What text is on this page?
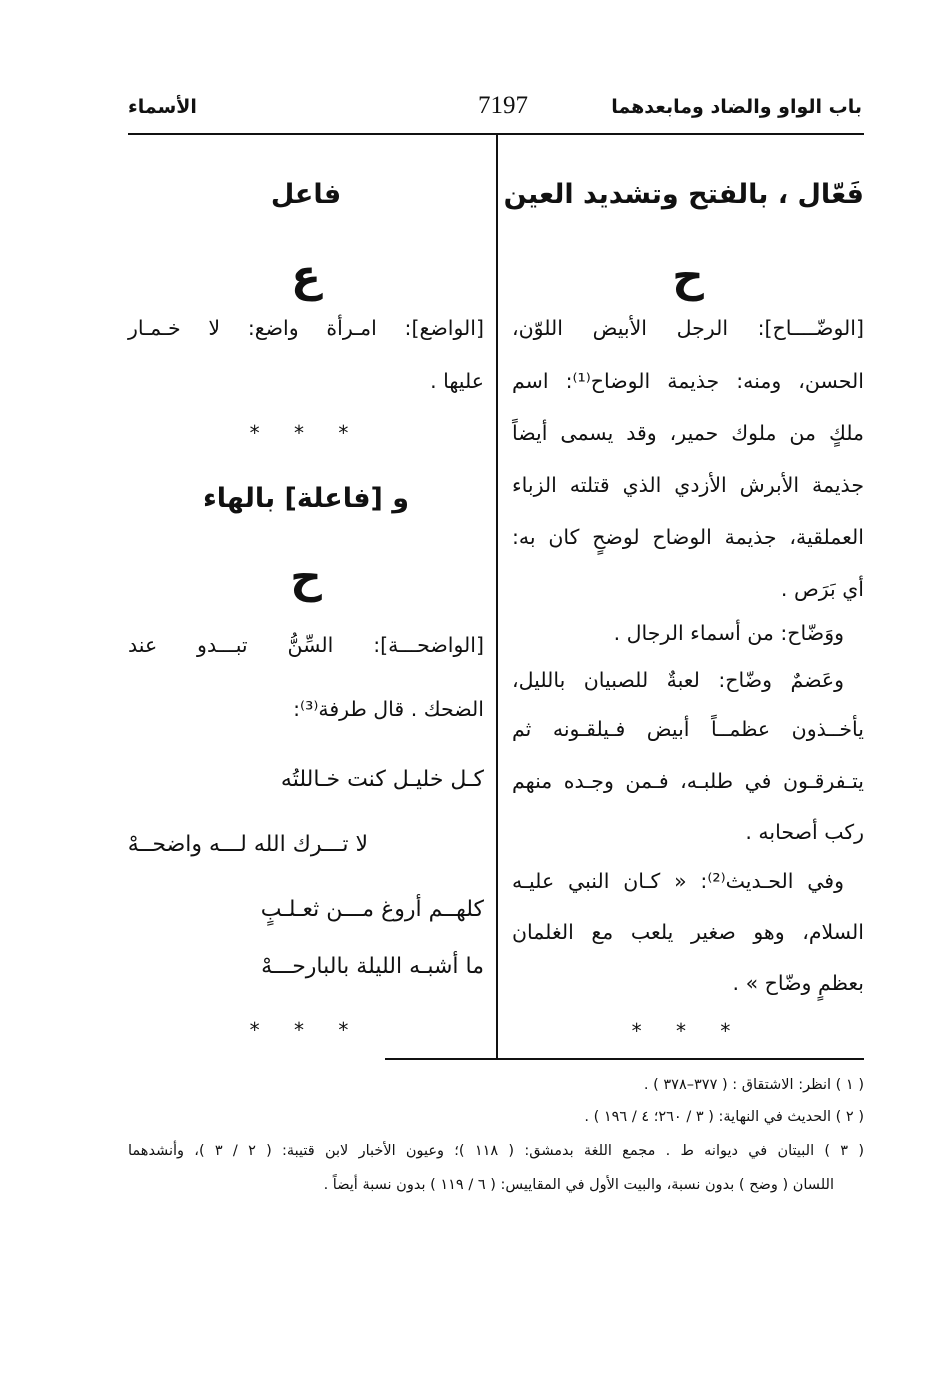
باب الواو والضاد ومابعدهما
7197
الأسماء
فَعّال ، بالفتح وتشديد العين
ح
[الوضّــــاح]: الرجل الأبيض اللوّن،
الحسن، ومنه: جذيمة الوضاح⁽¹⁾: اسم
ملكٍ من ملوك حمير، وقد يسمى أيضاً
جذيمة الأبرش الأزدي الذي قتلته الزباء
العملقية، جذيمة الوضاح لوضحٍ كان به:
أي بَرَص .
ووَضّاح: من أسماء الرجال .
وعَضمٌ وضّاح: لعبةٌ للصبيان بالليل،
يأخــذون عظمــاً أبيض فـيلقـونه ثم
يتـفرقـون في طلبـه، فـمن وجـده منهم
ركب أصحابه .
وفي الحـديث⁽²⁾: « كـان النبي عليـه
السلام، وهو صغير يلعب مع الغلمان
بعظمٍ وضّاح » .
* * *
فاعل
ع
[الواضع]: امـرأة واضع: لا خـمـار
عليها .
* * *
و [فاعلة] بالهاء
ح
[الواضحـــة]: السِّنُّ تبـــدو عند
الضحك . قال طرفة⁽³⁾:
كـل خليـل كنت خـاللتُه
لا تـــرك الله لـــه واضحــهْ
كلهــم أروغ مـــن ثعـلـبٍ
ما أشبـه الليلة بالبارحـــهْ
* * *
( ١ ) انظر: الاشتقاق : ( ٣٧٧–٣٧٨ ) .
( ٢ ) الحديث في النهاية: ( ٣ / ٢٦٠؛ ٤ / ١٩٦ ) .
( ٣ ) البيتان في ديوانه ط . مجمع اللغة بدمشق: ( ١١٨ )؛ وعيون الأخبار لابن قتيبة: ( ٢ / ٣ )، وأنشدهما
اللسان ( وضح ) بدون نسبة، والبيت الأول في المقاييس: ( ٦ / ١١٩ ) بدون نسبة أيضاً .
